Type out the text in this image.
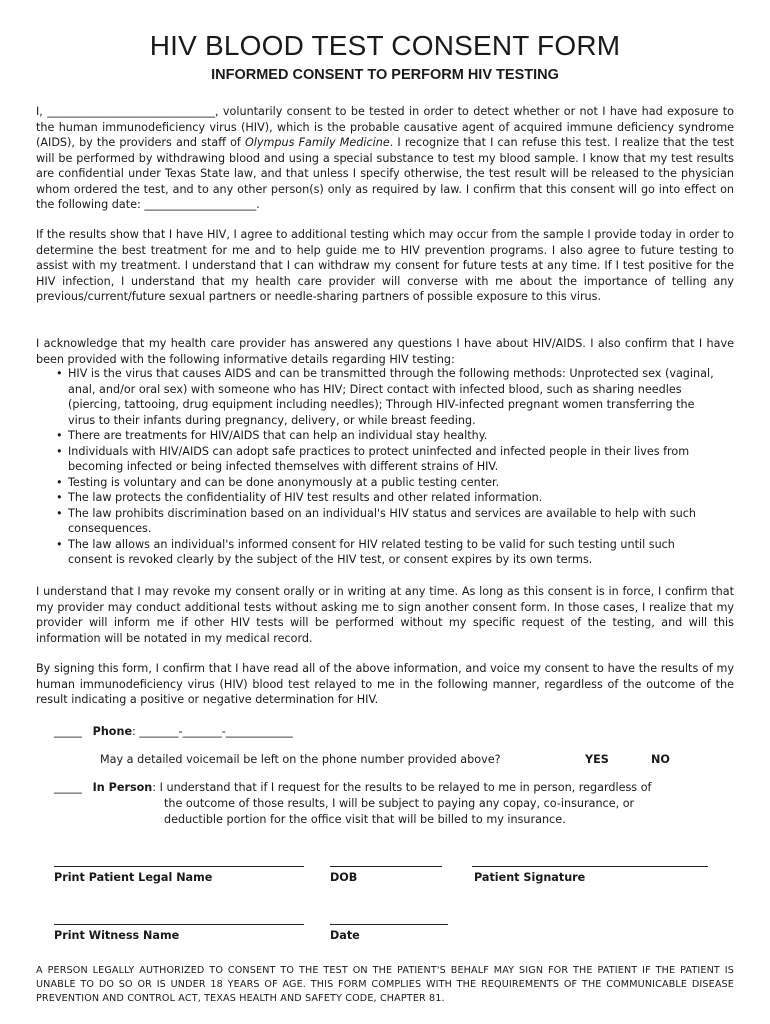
HIV BLOOD TEST CONSENT FORM
INFORMED CONSENT TO PERFORM HIV TESTING

I, ______________________________, voluntarily consent to be tested in order to detect whether or not I have had exposure to the human immunodeficiency virus (HIV), which is the probable causative agent of acquired immune deficiency syndrome (AIDS), by the providers and staff of Olympus Family Medicine. I recognize that I can refuse this test. I realize that the test will be performed by withdrawing blood and using a special substance to test my blood sample. I know that my test results are confidential under Texas State law, and that unless I specify otherwise, the test result will be released to the physician whom ordered the test, and to any other person(s) only as required by law. I confirm that this consent will go into effect on the following date: ____________________.

If the results show that I have HIV, I agree to additional testing which may occur from the sample I provide today in order to determine the best treatment for me and to help guide me to HIV prevention programs. I also agree to future testing to assist with my treatment. I understand that I can withdraw my consent for future tests at any time. If I test positive for the HIV infection, I understand that my health care provider will converse with me about the importance of telling any previous/current/future sexual partners or needle-sharing partners of possible exposure to this virus.

I acknowledge that my health care provider has answered any questions I have about HIV/AIDS. I also confirm that I have been provided with the following informative details regarding HIV testing:

• HIV is the virus that causes AIDS and can be transmitted through the following methods: Unprotected sex (vaginal, anal, and/or oral sex) with someone who has HIV; Direct contact with infected blood, such as sharing needles (piercing, tattooing, drug equipment including needles); Through HIV-infected pregnant women transferring the virus to their infants during pregnancy, delivery, or while breast feeding.
• There are treatments for HIV/AIDS that can help an individual stay healthy.
• Individuals with HIV/AIDS can adopt safe practices to protect uninfected and infected people in their lives from becoming infected or being infected themselves with different strains of HIV.
• Testing is voluntary and can be done anonymously at a public testing center.
• The law protects the confidentiality of HIV test results and other related information.
• The law prohibits discrimination based on an individual's HIV status and services are available to help with such consequences.
• The law allows an individual's informed consent for HIV related testing to be valid for such testing until such consent is revoked clearly by the subject of the HIV test, or consent expires by its own terms.

I understand that I may revoke my consent orally or in writing at any time. As long as this consent is in force, I confirm that my provider may conduct additional tests without asking me to sign another consent form. In those cases, I realize that my provider will inform me if other HIV tests will be performed without my specific request of the testing, and will this information will be notated in my medical record.

By signing this form, I confirm that I have read all of the above information, and voice my consent to have the results of my human immunodeficiency virus (HIV) blood test relayed to me in the following manner, regardless of the outcome of the result indicating a positive or negative determination for HIV.

_____ Phone: _______-_______-____________
May a detailed voicemail be left on the phone number provided above?	YES	NO
_____ In Person: I understand that if I request for the results to be relayed to me in person, regardless of
the outcome of those results, I will be subject to paying any copay, co-insurance, or
deductible portion for the office visit that will be billed to my insurance.
Print Patient Legal Name	DOB	Patient Signature
Print Witness Name	Date
A PERSON LEGALLY AUTHORIZED TO CONSENT TO THE TEST ON THE PATIENT'S BEHALF MAY SIGN FOR THE PATIENT IF THE PATIENT IS UNABLE TO DO SO OR IS UNDER 18 YEARS OF AGE. THIS FORM COMPLIES WITH THE REQUIREMENTS OF THE COMMUNICABLE DISEASE PREVENTION AND CONTROL ACT, TEXAS HEALTH AND SAFETY CODE, CHAPTER 81.
